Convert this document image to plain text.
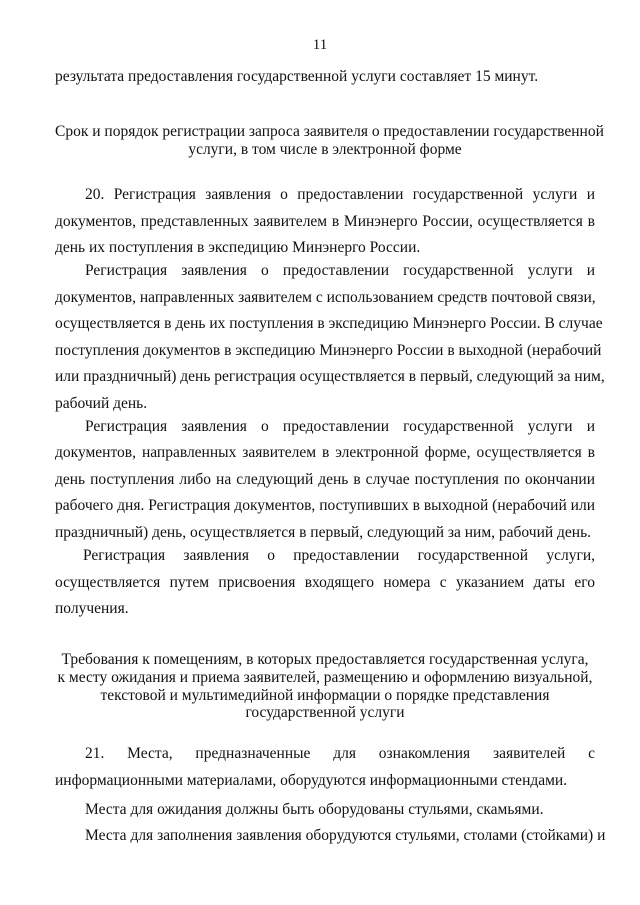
11
результата предоставления государственной услуги составляет 15 минут.

Срок и порядок регистрации запроса заявителя о предоставлении государственной

услуги, в том числе в электронной форме

20. Регистрация заявления о предоставлении государственной услуги и

документов, представленных заявителем в Минэнерго России, осуществляется в

день их поступления в экспедицию Минэнерго России.

Регистрация заявления о предоставлении государственной услуги и

документов, направленных заявителем с использованием средств почтовой связи,

осуществляется в день их поступления в экспедицию Минэнерго России. В случае

поступления документов в экспедицию Минэнерго России в выходной (нерабочий

или праздничный) день регистрация осуществляется в первый, следующий за ним,

рабочий день.

Регистрация заявления о предоставлении государственной услуги и

документов, направленных заявителем в электронной форме, осуществляется в

день поступления либо на следующий день в случае поступления по окончании

рабочего дня. Регистрация документов, поступивших в выходной (нерабочий или

праздничный) день, осуществляется в первый, следующий за ним, рабочий день.

Регистрация заявления о предоставлении государственной услуги,

осуществляется путем присвоения входящего номера с указанием даты его

получения.

Требования к помещениям, в которых предоставляется государственная услуга,

к месту ожидания и приема заявителей, размещению и оформлению визуальной,

текстовой и мультимедийной информации о порядке представления

государственной услуги

21. Места, предназначенные для ознакомления заявителей с

информационными материалами, оборудуются информационными стендами.

Места для ожидания должны быть оборудованы стульями, скамьями.
Места для заполнения заявления оборудуются стульями, столами (стойками) и
